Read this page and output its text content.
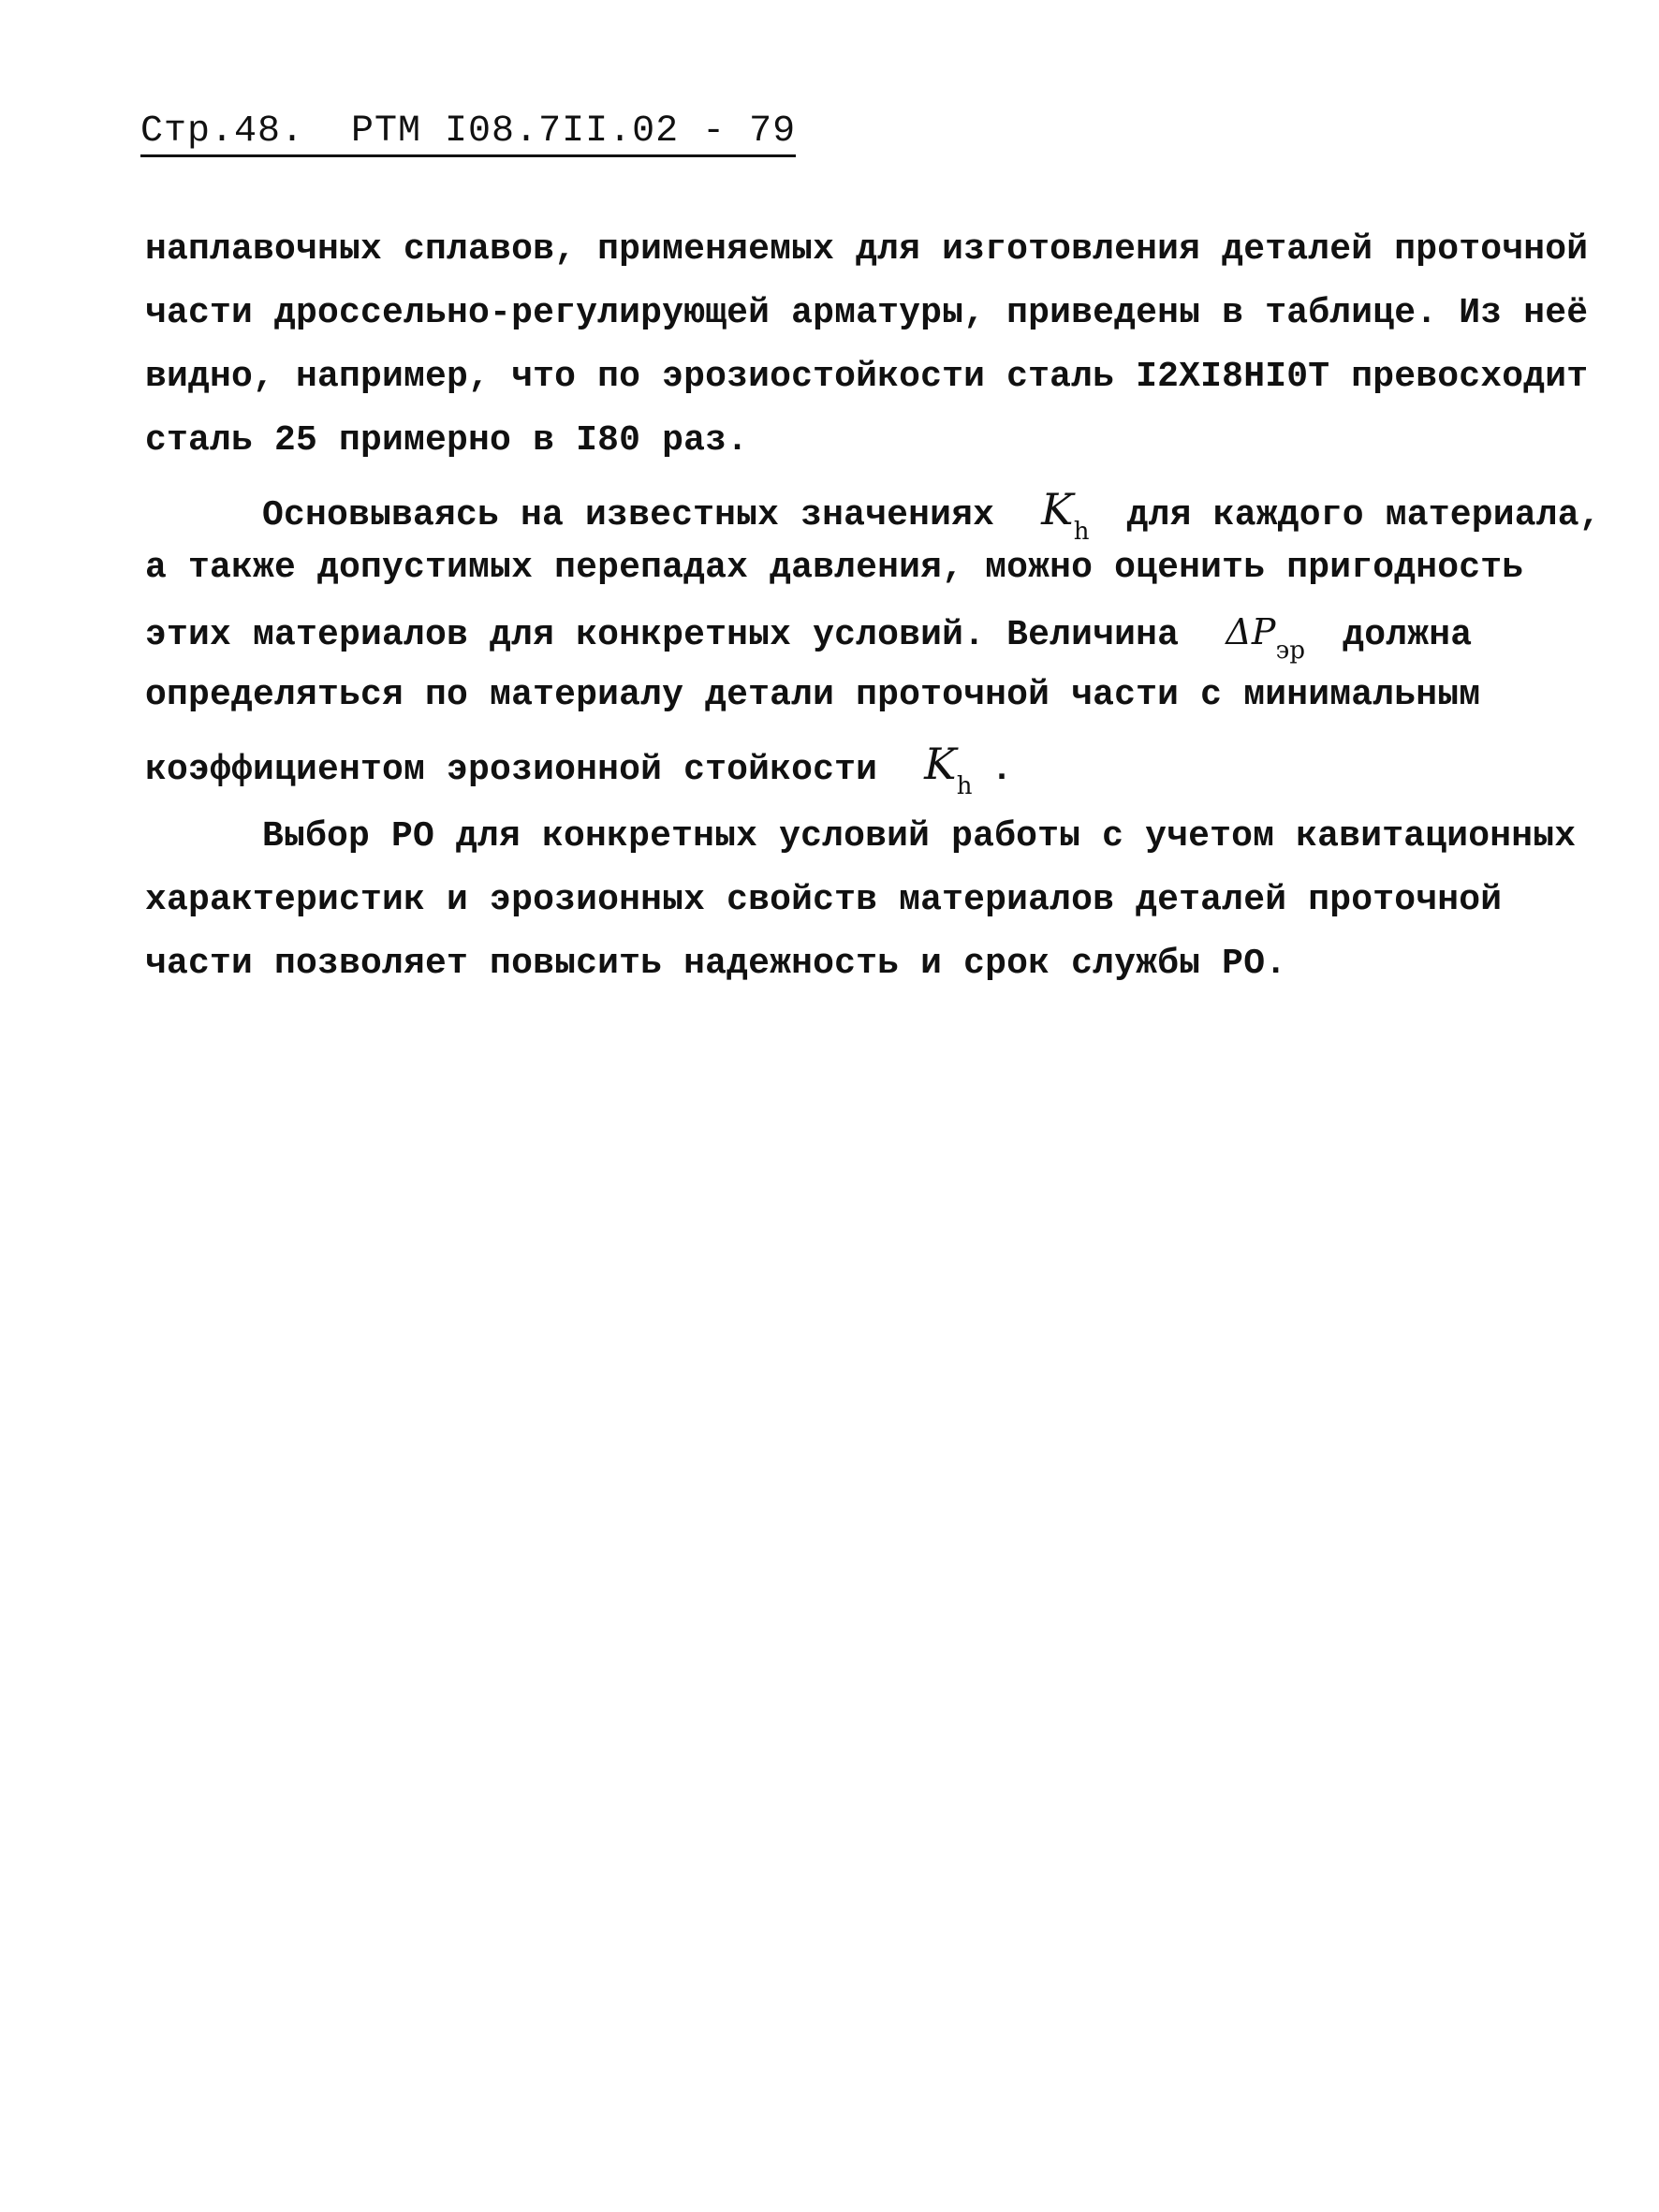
Стр.48. РТМ I08.7II.02 - 79
наплавочных сплавов, применяемых для изготовления деталей проточной
части дроссельно-регулирующей арматуры, приведены в таблице. Из неё
видно, например, что по эрозиостойкости сталь I2XI8HI0T превосходит
сталь 25 примерно в I80 раз.
Основываясь на известных значениях $K_h$ для каждого материала,
а также допустимых перепадах давления, можно оценить пригодность
этих материалов для конкретных условий. Величина $\Delta P_{эр}$ должна
определяться по материалу детали проточной части с минимальным
коэффициентом эрозионной стойкости $K_h$ .
Выбор РО для конкретных условий работы с учетом кавитационных
характеристик и эрозионных свойств материалов деталей проточной
части позволяет повысить надежность и срок службы РО.
